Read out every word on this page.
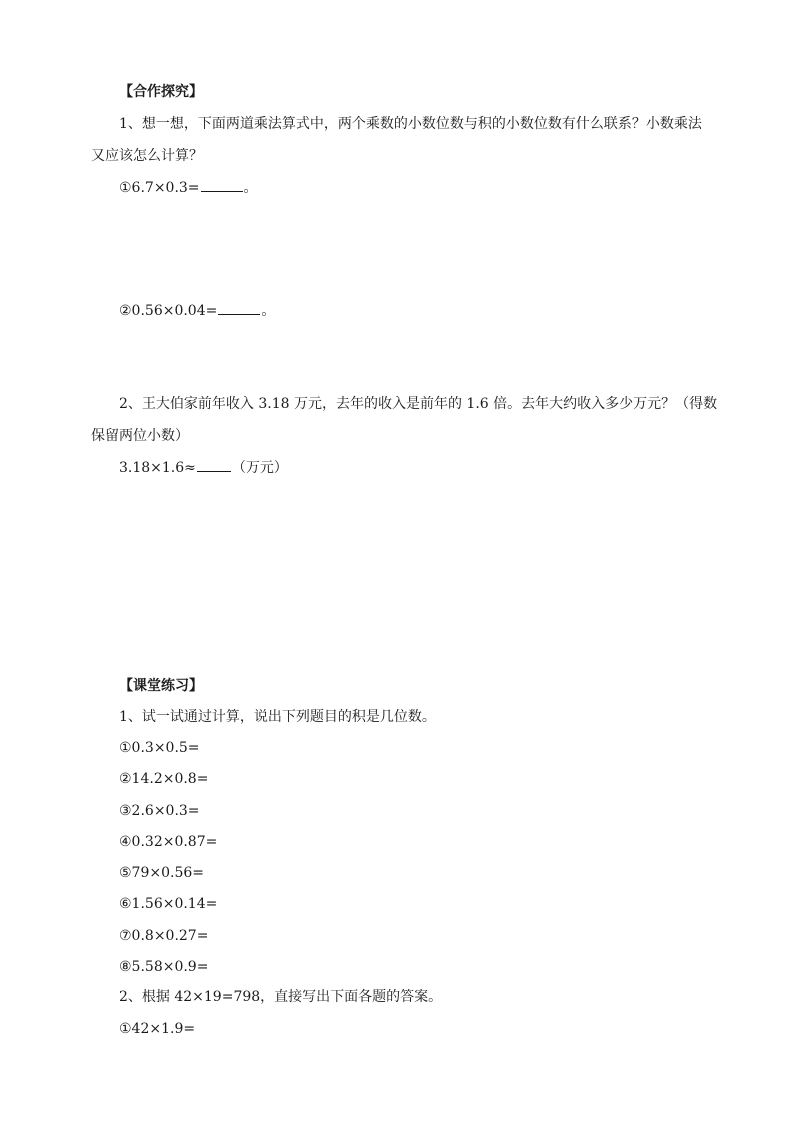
【合作探究】
1、想一想，下面两道乘法算式中，两个乘数的小数位数与积的小数位数有什么联系？小数乘法
又应该怎么计算？
①6.7×0.3=	。
②0.56×0.04=	。
2、王大伯家前年收入 3.18 万元，去年的收入是前年的 1.6 倍。去年大约收入多少万元？（得数
保留两位小数）
3.18×1.6≈	（万元）
【课堂练习】
1、试一试通过计算，说出下列题目的积是几位数。
①0.3×0.5=
②14.2×0.8=
③2.6×0.3=
④0.32×0.87=
⑤79×0.56=
⑥1.56×0.14=
⑦0.8×0.27=
⑧5.58×0.9=
2、根据 42×19=798，直接写出下面各题的答案。
①42×1.9=
